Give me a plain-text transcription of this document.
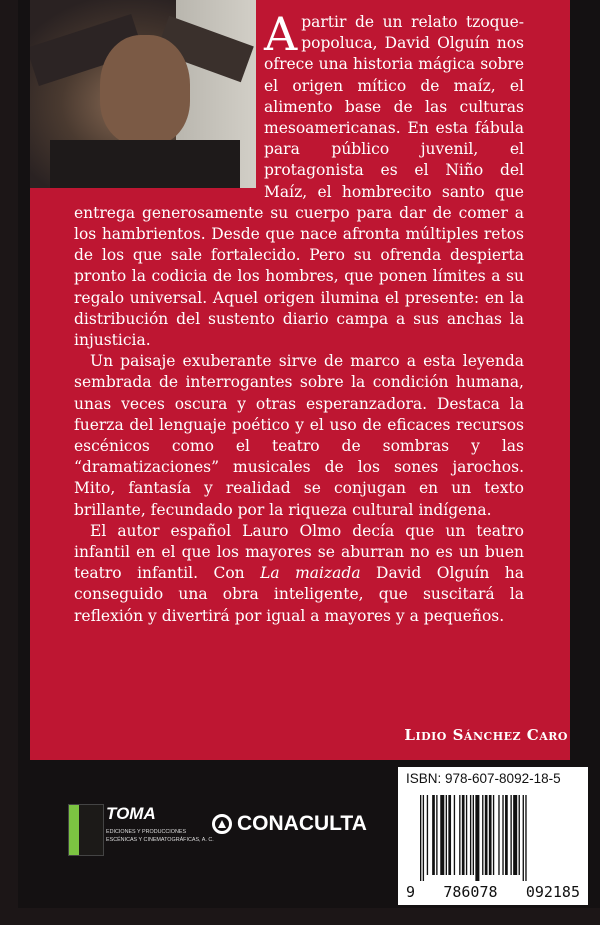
Apartir de un relato tzoque-popoluca, David Olguín nos ofrece una historia mágica sobre el origen mítico de maíz, el alimento base de las culturas mesoamericanas. En esta fábula para público juvenil, el protagonista es el Niño del Maíz, el hombrecito santo que entrega generosamente su cuerpo para dar de comer a los hambrientos. Desde que nace afronta múltiples retos de los que sale fortalecido. Pero su ofrenda despierta pronto la codicia de los hombres, que ponen límites a su regalo universal. Aquel origen ilumina el presente: en la distribución del sustento diario campa a sus anchas la injusticia.

Un paisaje exuberante sirve de marco a esta leyenda sembrada de interrogantes sobre la condición humana, unas veces oscura y otras esperanzadora. Destaca la fuerza del lenguaje poético y el uso de eficaces recursos escénicos como el teatro de sombras y las “dramatizaciones” musicales de los sones jarochos. Mito, fantasía y realidad se conjugan en un texto brillante, fecundado por la riqueza cultural indígena.

El autor español Lauro Olmo decía que un teatro infantil en el que los mayores se aburran no es un buen teatro infantil. Con La maizada David Olguín ha conseguido una obra inteligente, que suscitará la reflexión y divertirá por igual a mayores y a pequeños.

Lidio Sánchez Caro
TOMA
EDICIONES Y PRODUCCIONES ESCÉNICAS Y CINEMATOGRÁFICAS, A. C.
CONACULTA
ISBN: 978-607-8092-18-5
9 786078 092185
